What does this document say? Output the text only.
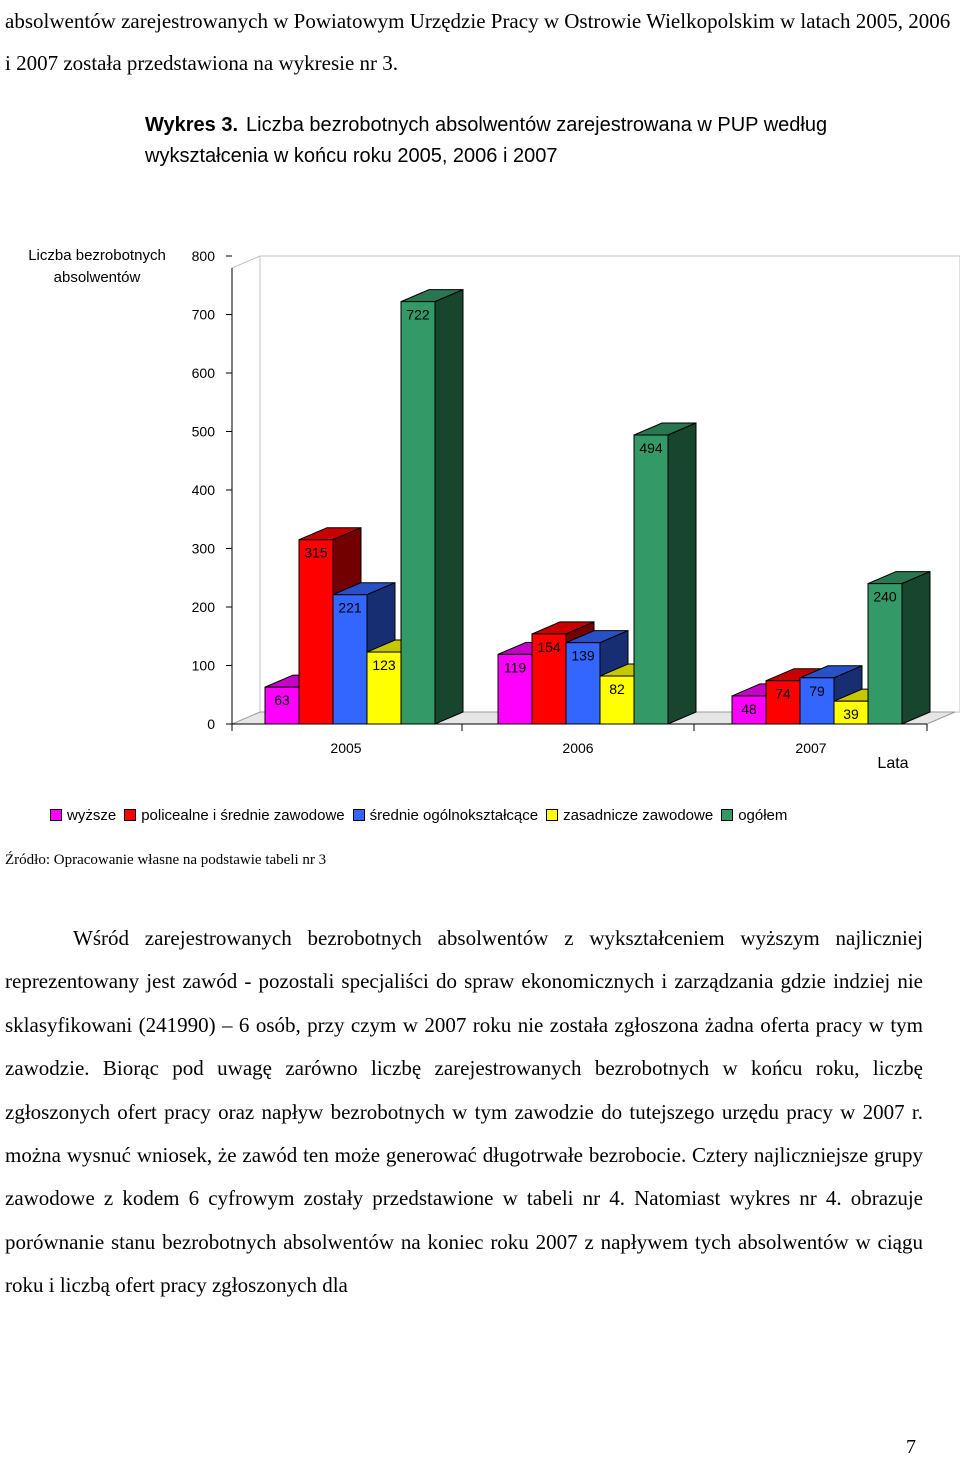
absolwentów zarejestrowanych w Powiatowym Urzędzie Pracy w Ostrowie Wielkopolskim w latach 2005, 2006 i 2007 została przedstawiona na wykresie nr 3.

Wykres 3. Liczba bezrobotnych absolwentów zarejestrowana w PUP według wykształcenia w końcu roku 2005, 2006 i 2007
0
100
200
300
400
500
600
700
800
Liczba bezrobotnych absolwentów
2005	2006	2007
Lata
63
315
221
123
722
119
154
139
82
494
48
74 79
39
240
wyższe policealne i średnie zawodowe średnie ogólnokształcące zasadnicze zawodowe ogółem
Źródło: Opracowanie własne na podstawie tabeli nr 3

Wśród zarejestrowanych bezrobotnych absolwentów z wykształceniem wyższym najliczniej reprezentowany jest zawód - pozostali specjaliści do spraw ekonomicznych i zarządzania gdzie indziej nie sklasyfikowani (241990) – 6 osób, przy czym w 2007 roku nie została zgłoszona żadna oferta pracy w tym zawodzie. Biorąc pod uwagę zarówno liczbę zarejestrowanych bezrobotnych w końcu roku, liczbę zgłoszonych ofert pracy oraz napływ bezrobotnych w tym zawodzie do tutejszego urzędu pracy w 2007 r. można wysnuć wniosek, że zawód ten może generować długotrwałe bezrobocie. Cztery najliczniejsze grupy zawodowe z kodem 6 cyfrowym zostały przedstawione w tabeli nr 4. Natomiast wykres nr 4. obrazuje porównanie stanu bezrobotnych absolwentów na koniec roku 2007 z napływem tych absolwentów w ciągu roku i liczbą ofert pracy zgłoszonych dla

7
